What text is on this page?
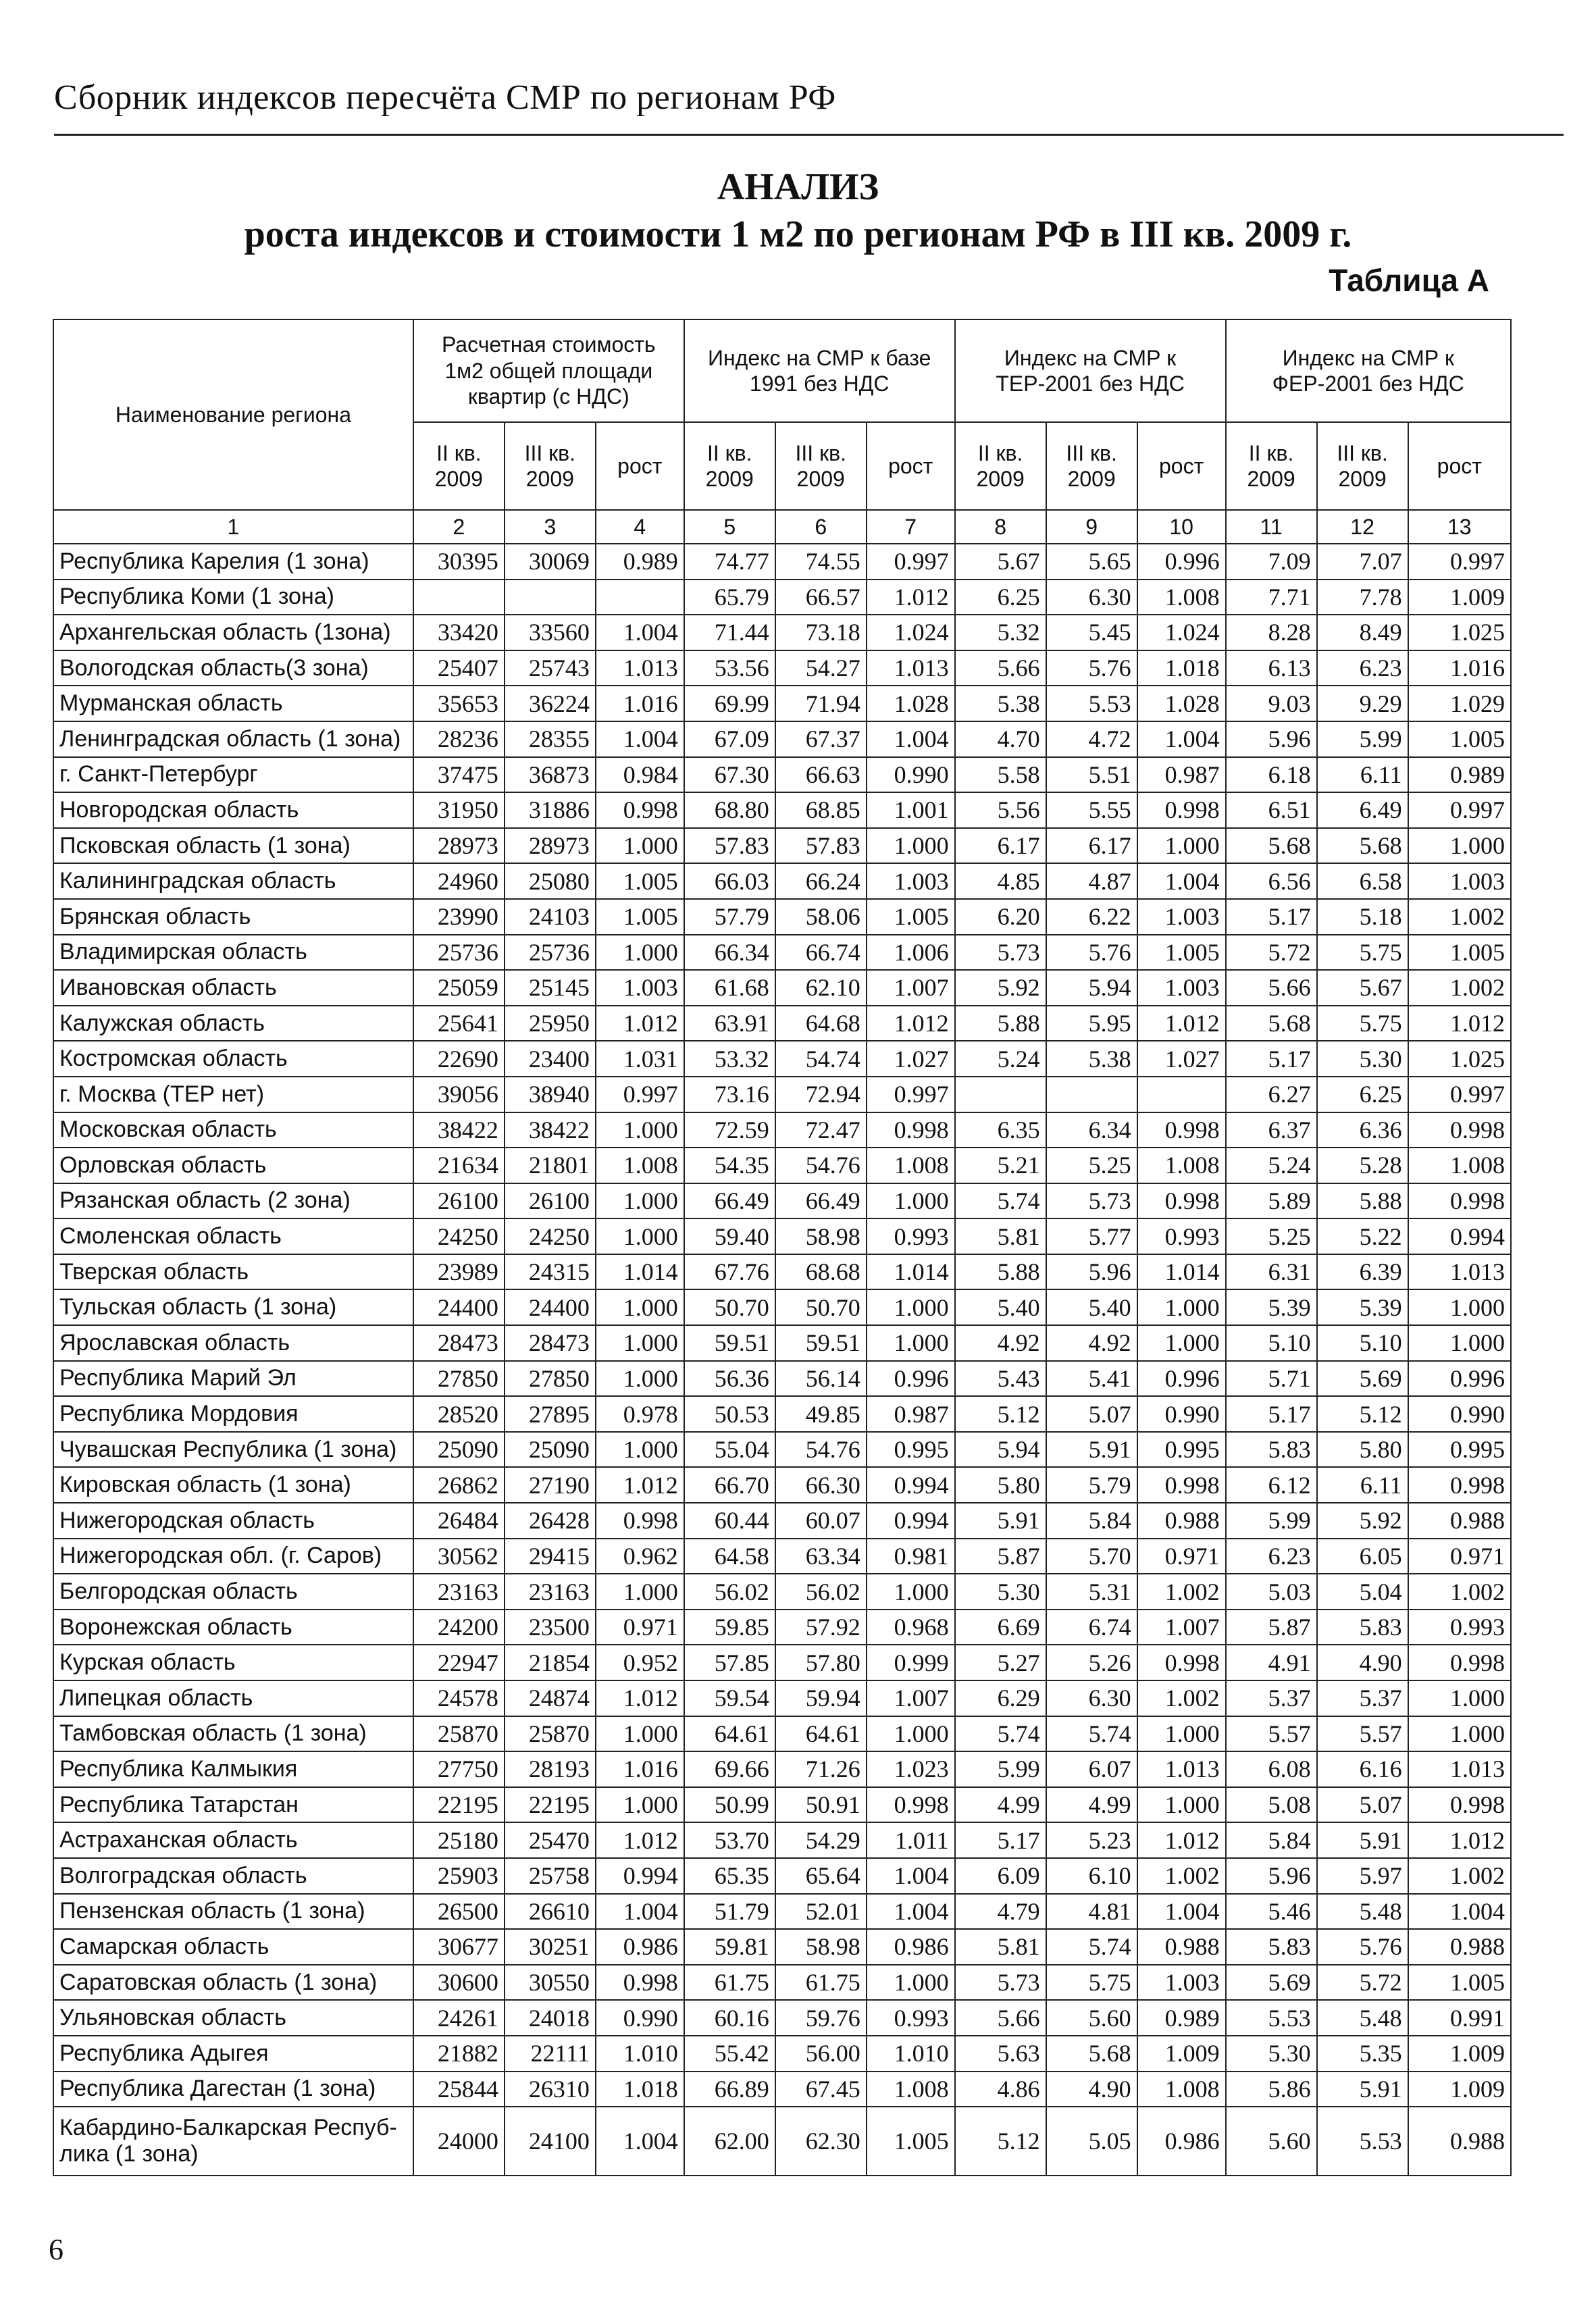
Сборник индексов пересчёта СМР по регионам РФ
АНАЛИЗ
роста индексов и стоимости 1 м2 по регионам РФ в III кв. 2009 г.
Таблица А
Наименование региона	Расчетная стоимость 1м2 общей площади квартир (с НДС)			Индекс на СМР к базе 1991 без НДС			Индекс на СМР к ТЕР-2001 без НДС			Индекс на СМР к ФЕР-2001 без НДС		
	II кв. 2009	III кв. 2009	рост	II кв. 2009	III кв. 2009	рост	II кв. 2009	III кв. 2009	рост	II кв. 2009	III кв. 2009	рост
1	2	3	4	5	6	7	8	9	10	11	12	13
Республика Карелия (1 зона)	30395	30069	0.989	74.77	74.55	0.997	5.67	5.65	0.996	7.09	7.07	0.997
Республика Коми (1 зона)				65.79	66.57	1.012	6.25	6.30	1.008	7.71	7.78	1.009
Архангельская область (1зона)	33420	33560	1.004	71.44	73.18	1.024	5.32	5.45	1.024	8.28	8.49	1.025
Вологодская область(3 зона)	25407	25743	1.013	53.56	54.27	1.013	5.66	5.76	1.018	6.13	6.23	1.016
Мурманская область	35653	36224	1.016	69.99	71.94	1.028	5.38	5.53	1.028	9.03	9.29	1.029
Ленинградская область (1 зона)	28236	28355	1.004	67.09	67.37	1.004	4.70	4.72	1.004	5.96	5.99	1.005
г. Санкт-Петербург	37475	36873	0.984	67.30	66.63	0.990	5.58	5.51	0.987	6.18	6.11	0.989
Новгородская область	31950	31886	0.998	68.80	68.85	1.001	5.56	5.55	0.998	6.51	6.49	0.997
Псковская область (1 зона)	28973	28973	1.000	57.83	57.83	1.000	6.17	6.17	1.000	5.68	5.68	1.000
Калининградская область	24960	25080	1.005	66.03	66.24	1.003	4.85	4.87	1.004	6.56	6.58	1.003
Брянская область	23990	24103	1.005	57.79	58.06	1.005	6.20	6.22	1.003	5.17	5.18	1.002
Владимирская область	25736	25736	1.000	66.34	66.74	1.006	5.73	5.76	1.005	5.72	5.75	1.005
Ивановская область	25059	25145	1.003	61.68	62.10	1.007	5.92	5.94	1.003	5.66	5.67	1.002
Калужская область	25641	25950	1.012	63.91	64.68	1.012	5.88	5.95	1.012	5.68	5.75	1.012
Костромская область	22690	23400	1.031	53.32	54.74	1.027	5.24	5.38	1.027	5.17	5.30	1.025
г. Москва (ТЕР нет)	39056	38940	0.997	73.16	72.94	0.997				6.27	6.25	0.997
Московская область	38422	38422	1.000	72.59	72.47	0.998	6.35	6.34	0.998	6.37	6.36	0.998
Орловская область	21634	21801	1.008	54.35	54.76	1.008	5.21	5.25	1.008	5.24	5.28	1.008
Рязанская область (2 зона)	26100	26100	1.000	66.49	66.49	1.000	5.74	5.73	0.998	5.89	5.88	0.998
Смоленская область	24250	24250	1.000	59.40	58.98	0.993	5.81	5.77	0.993	5.25	5.22	0.994
Тверская область	23989	24315	1.014	67.76	68.68	1.014	5.88	5.96	1.014	6.31	6.39	1.013
Тульская область (1 зона)	24400	24400	1.000	50.70	50.70	1.000	5.40	5.40	1.000	5.39	5.39	1.000
Ярославская область	28473	28473	1.000	59.51	59.51	1.000	4.92	4.92	1.000	5.10	5.10	1.000
Республика Марий Эл	27850	27850	1.000	56.36	56.14	0.996	5.43	5.41	0.996	5.71	5.69	0.996
Республика Мордовия	28520	27895	0.978	50.53	49.85	0.987	5.12	5.07	0.990	5.17	5.12	0.990
Чувашская Республика (1 зона)	25090	25090	1.000	55.04	54.76	0.995	5.94	5.91	0.995	5.83	5.80	0.995
Кировская область (1 зона)	26862	27190	1.012	66.70	66.30	0.994	5.80	5.79	0.998	6.12	6.11	0.998
Нижегородская область	26484	26428	0.998	60.44	60.07	0.994	5.91	5.84	0.988	5.99	5.92	0.988
Нижегородская обл. (г. Саров)	30562	29415	0.962	64.58	63.34	0.981	5.87	5.70	0.971	6.23	6.05	0.971
Белгородская область	23163	23163	1.000	56.02	56.02	1.000	5.30	5.31	1.002	5.03	5.04	1.002
Воронежская область	24200	23500	0.971	59.85	57.92	0.968	6.69	6.74	1.007	5.87	5.83	0.993
Курская область	22947	21854	0.952	57.85	57.80	0.999	5.27	5.26	0.998	4.91	4.90	0.998
Липецкая область	24578	24874	1.012	59.54	59.94	1.007	6.29	6.30	1.002	5.37	5.37	1.000
Тамбовская область (1 зона)	25870	25870	1.000	64.61	64.61	1.000	5.74	5.74	1.000	5.57	5.57	1.000
Республика Калмыкия	27750	28193	1.016	69.66	71.26	1.023	5.99	6.07	1.013	6.08	6.16	1.013
Республика Татарстан	22195	22195	1.000	50.99	50.91	0.998	4.99	4.99	1.000	5.08	5.07	0.998
Астраханская область	25180	25470	1.012	53.70	54.29	1.011	5.17	5.23	1.012	5.84	5.91	1.012
Волгоградская область	25903	25758	0.994	65.35	65.64	1.004	6.09	6.10	1.002	5.96	5.97	1.002
Пензенская область (1 зона)	26500	26610	1.004	51.79	52.01	1.004	4.79	4.81	1.004	5.46	5.48	1.004
Самарская область	30677	30251	0.986	59.81	58.98	0.986	5.81	5.74	0.988	5.83	5.76	0.988
Саратовская область (1 зона)	30600	30550	0.998	61.75	61.75	1.000	5.73	5.75	1.003	5.69	5.72	1.005
Ульяновская область	24261	24018	0.990	60.16	59.76	0.993	5.66	5.60	0.989	5.53	5.48	0.991
Республика Адыгея	21882	22111	1.010	55.42	56.00	1.010	5.63	5.68	1.009	5.30	5.35	1.009
Республика Дагестан (1 зона)	25844	26310	1.018	66.89	67.45	1.008	4.86	4.90	1.008	5.86	5.91	1.009
Кабардино-Балкарская Респуб-лика (1 зона)	24000	24100	1.004	62.00	62.30	1.005	5.12	5.05	0.986	5.60	5.53	0.988
6
